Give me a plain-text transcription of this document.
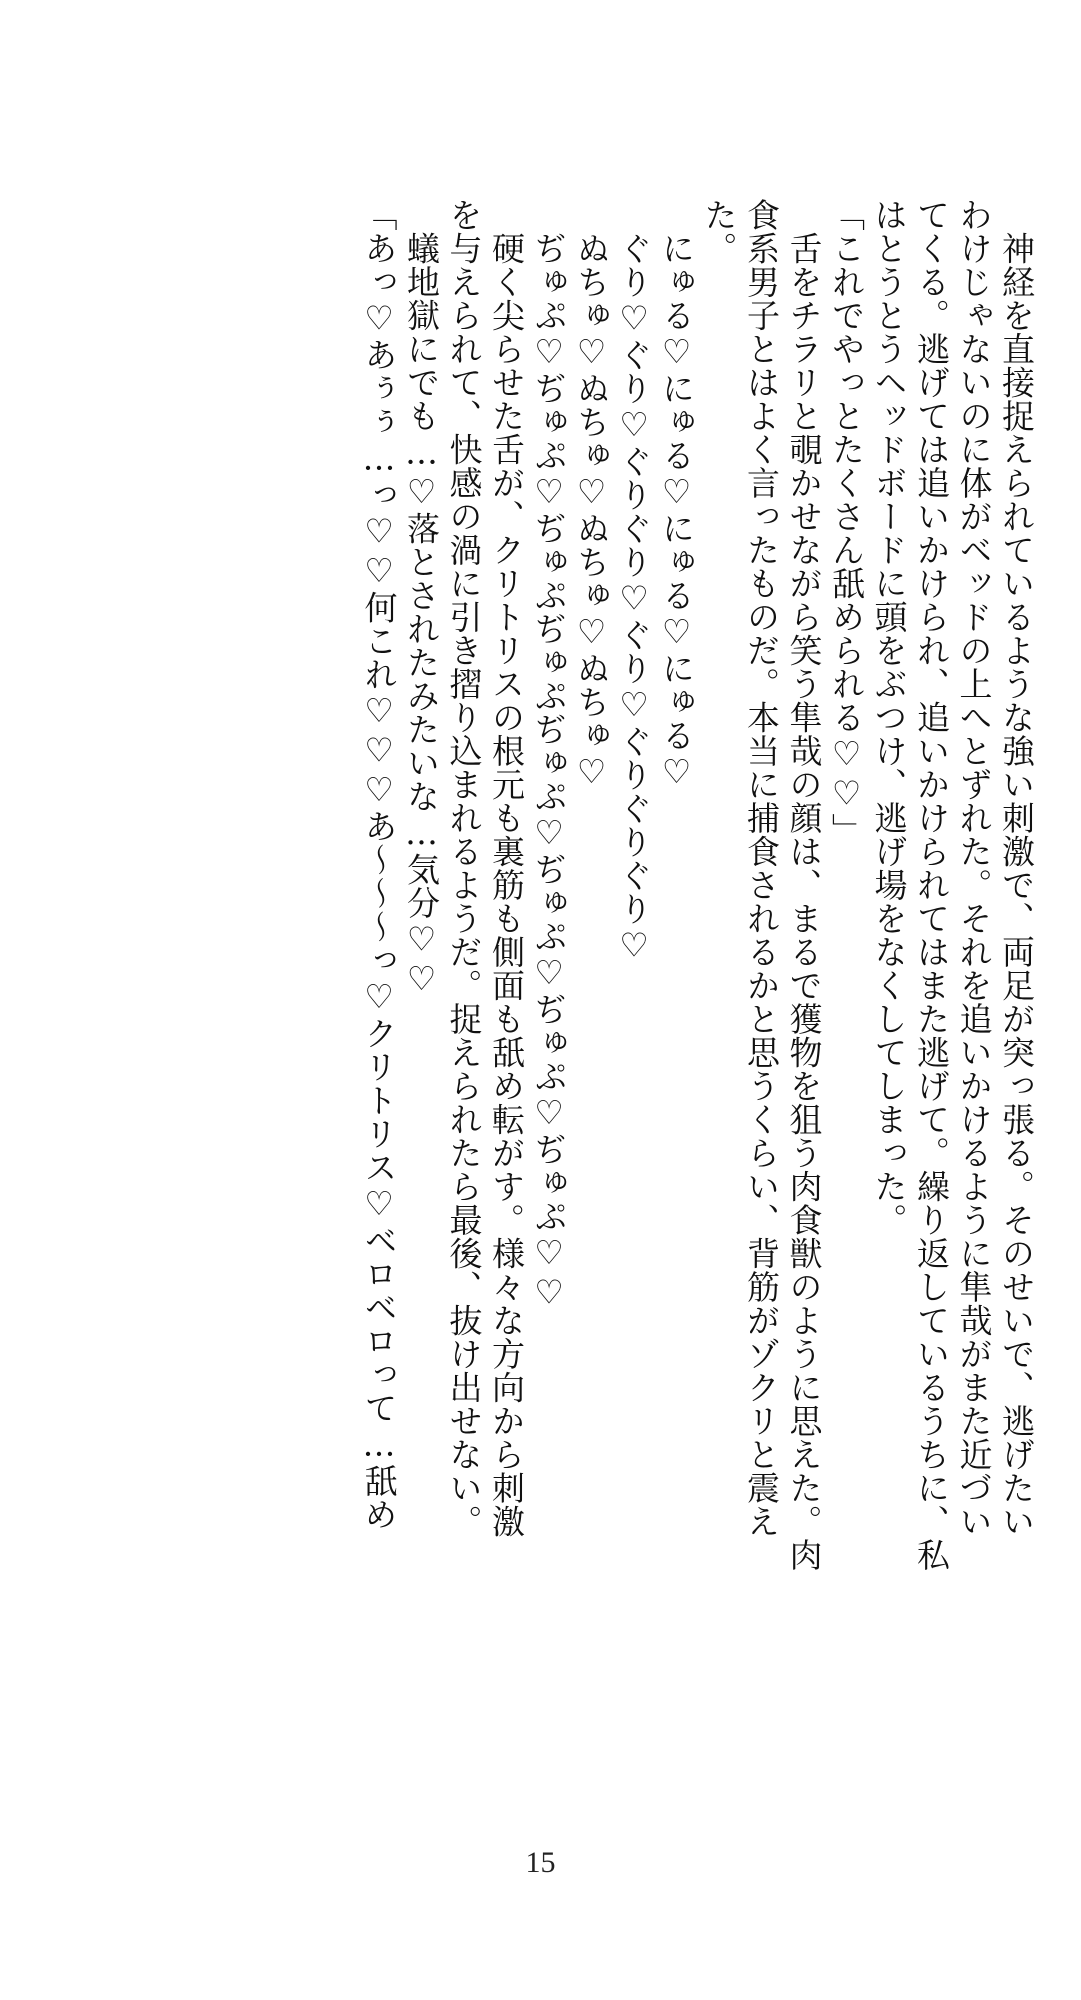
　神経を直接捉えられているような強い刺激で、両足が突っ張る。そのせいで、逃げたい
わけじゃないのに体がベッドの上へとずれた。それを追いかけるように隼哉がまた近づい
てくる。逃げては追いかけられ、追いかけられてはまた逃げて。繰り返しているうちに、私
はとうとうヘッドボードに頭をぶつけ、逃げ場をなくしてしまった。
「これでやっとたくさん舐められる♡♡」
　舌をチラリと覗かせながら笑う隼哉の顔は、まるで獲物を狙う肉食獣のように思えた。肉
食系男子とはよく言ったものだ。本当に捕食されるかと思うくらい、背筋がゾクリと震え
た。
　にゅる♡にゅる♡にゅる♡にゅる♡
　ぐり♡ぐり♡ぐりぐり♡ぐり♡ぐりぐりぐり♡
　ぬちゅ♡ぬちゅ♡ぬちゅ♡ぬちゅ♡
　ぢゅぷ♡ぢゅぷ♡ぢゅぷぢゅぷぢゅぷ♡ぢゅぷ♡ぢゅぷ♡ぢゅぷ♡♡
　硬く尖らせた舌が、クリトリスの根元も裏筋も側面も舐め転がす。様々な方向から刺激
を与えられて、快感の渦に引き摺り込まれるようだ。捉えられたら最後、抜け出せない。
　蟻地獄にでも…♡落とされたみたいな…気分♡♡
「あっ♡あぅぅ…っ♡♡何これ♡♡♡あ〜〜〜っ♡クリトリス♡ベロベロって…舐め
15
